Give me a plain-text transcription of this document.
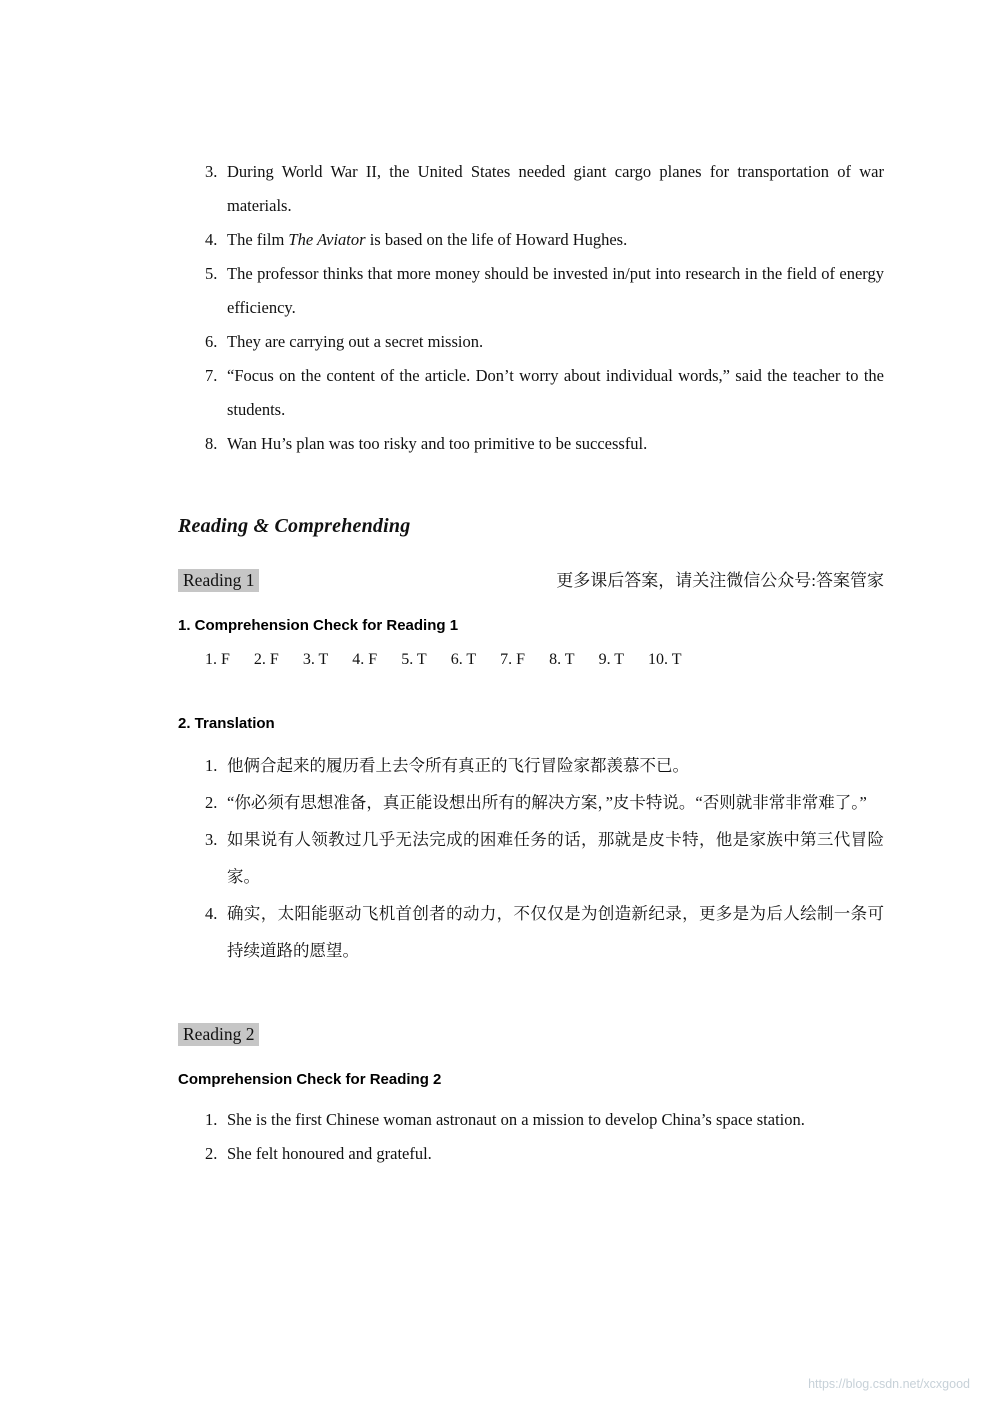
3. During World War II, the United States needed giant cargo planes for transportation of war materials.
4. The film The Aviator is based on the life of Howard Hughes.
5. The professor thinks that more money should be invested in/put into research in the field of energy efficiency.
6. They are carrying out a secret mission.
7. “Focus on the content of the article. Don’t worry about individual words,” said the teacher to the students.
8. Wan Hu’s plan was too risky and too primitive to be successful.
Reading & Comprehending
Reading 1	更多课后答案，请关注微信公众号:答案管家
1. Comprehension Check for Reading 1
1. F 2. F 3. T 4. F 5. T 6. T 7. F 8. T 9. T 10. T
2. Translation
1. 他俩合起来的履历看上去令所有真正的飞行冒险家都羡慕不已。
2. “你必须有思想准备，真正能设想出所有的解决方案，”皮卡特说。“否则就非常非常难了。”
3. 如果说有人领教过几乎无法完成的困难任务的话，那就是皮卡特，他是家族中第三代冒险家。
4. 确实，太阳能驱动飞机首创者的动力，不仅仅是为创造新纪录，更多是为后人绘制一条可持续道路的愿望。
Reading 2
Comprehension Check for Reading 2
1. She is the first Chinese woman astronaut on a mission to develop China’s space station.
2. She felt honoured and grateful.
https://blog.csdn.net/xcxgood
